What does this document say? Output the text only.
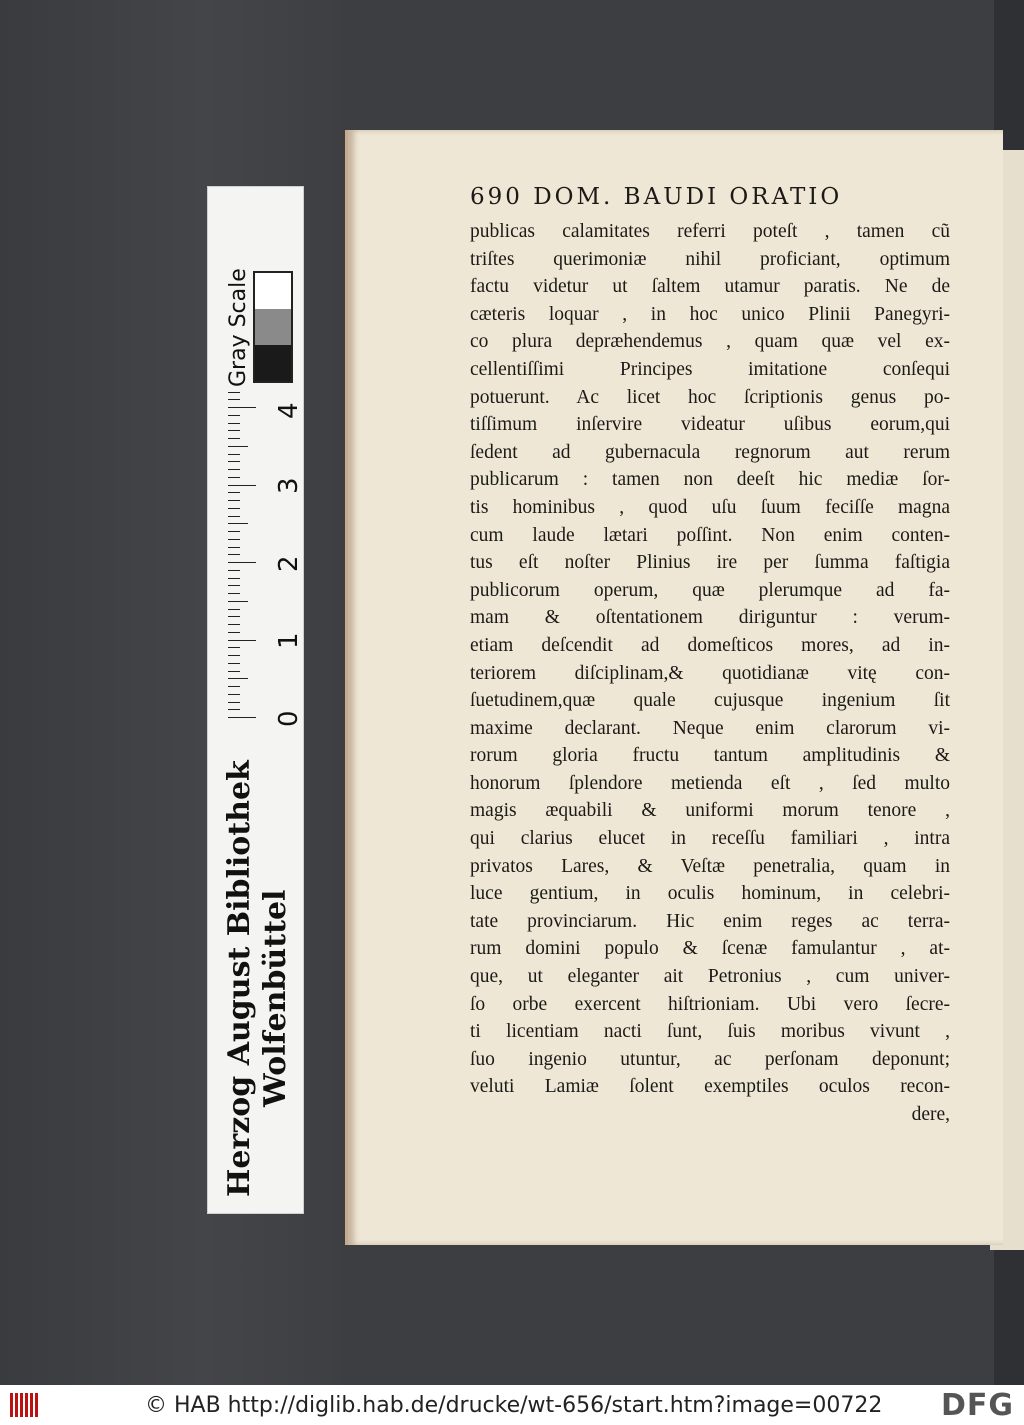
Herzog August Bibliothek Wolfenbüttel
Gray Scale
0
1
2
3
4
690 DOM. BAUDI ORATIO
publicas calamitates referri poteſt , tamen cũ
triſtes querimoniæ nihil proficiant, optimum
factu videtur ut ſaltem utamur paratis. Ne de
cæteris loquar , in hoc unico Plinii Panegyri-
co plura depræhendemus , quam quæ vel ex-
cellentiſſimi Principes imitatione conſequi
potuerunt. Ac licet hoc ſcriptionis genus po-
tiſſimum inſervire videatur uſibus eorum,qui
ſedent ad gubernacula regnorum aut rerum
publicarum : tamen non deeſt hic mediæ ſor-
tis hominibus , quod uſu ſuum feciſſe magna
cum laude lætari poſſint. Non enim conten-
tus eſt noſter Plinius ire per ſumma faſtigia
publicorum operum, quæ plerumque ad fa-
mam & oſtentationem diriguntur : verum-
etiam deſcendit ad domeſticos mores, ad in-
teriorem diſciplinam,& quotidianæ vitę con-
ſuetudinem,quæ quale cujusque ingenium ſit
maxime declarant. Neque enim clarorum vi-
rorum gloria fructu tantum amplitudinis &
honorum ſplendore metienda eſt , ſed multo
magis æquabili & uniformi morum tenore ,
qui clarius elucet in receſſu familiari , intra
privatos Lares, & Veſtæ penetralia, quam in
luce gentium, in oculis hominum, in celebri-
tate provinciarum. Hic enim reges ac terra-
rum domini populo & ſcenæ famulantur , at-
que, ut eleganter ait Petronius , cum univer-
ſo orbe exercent hiſtrioniam. Ubi vero ſecre-
ti licentiam nacti ſunt, ſuis moribus vivunt ,
ſuo ingenio utuntur, ac perſonam deponunt;
veluti Lamiæ ſolent exemptiles oculos recon-
dere,
© HAB http://diglib.hab.de/drucke/wt-656/start.htm?image=00722 DFG
